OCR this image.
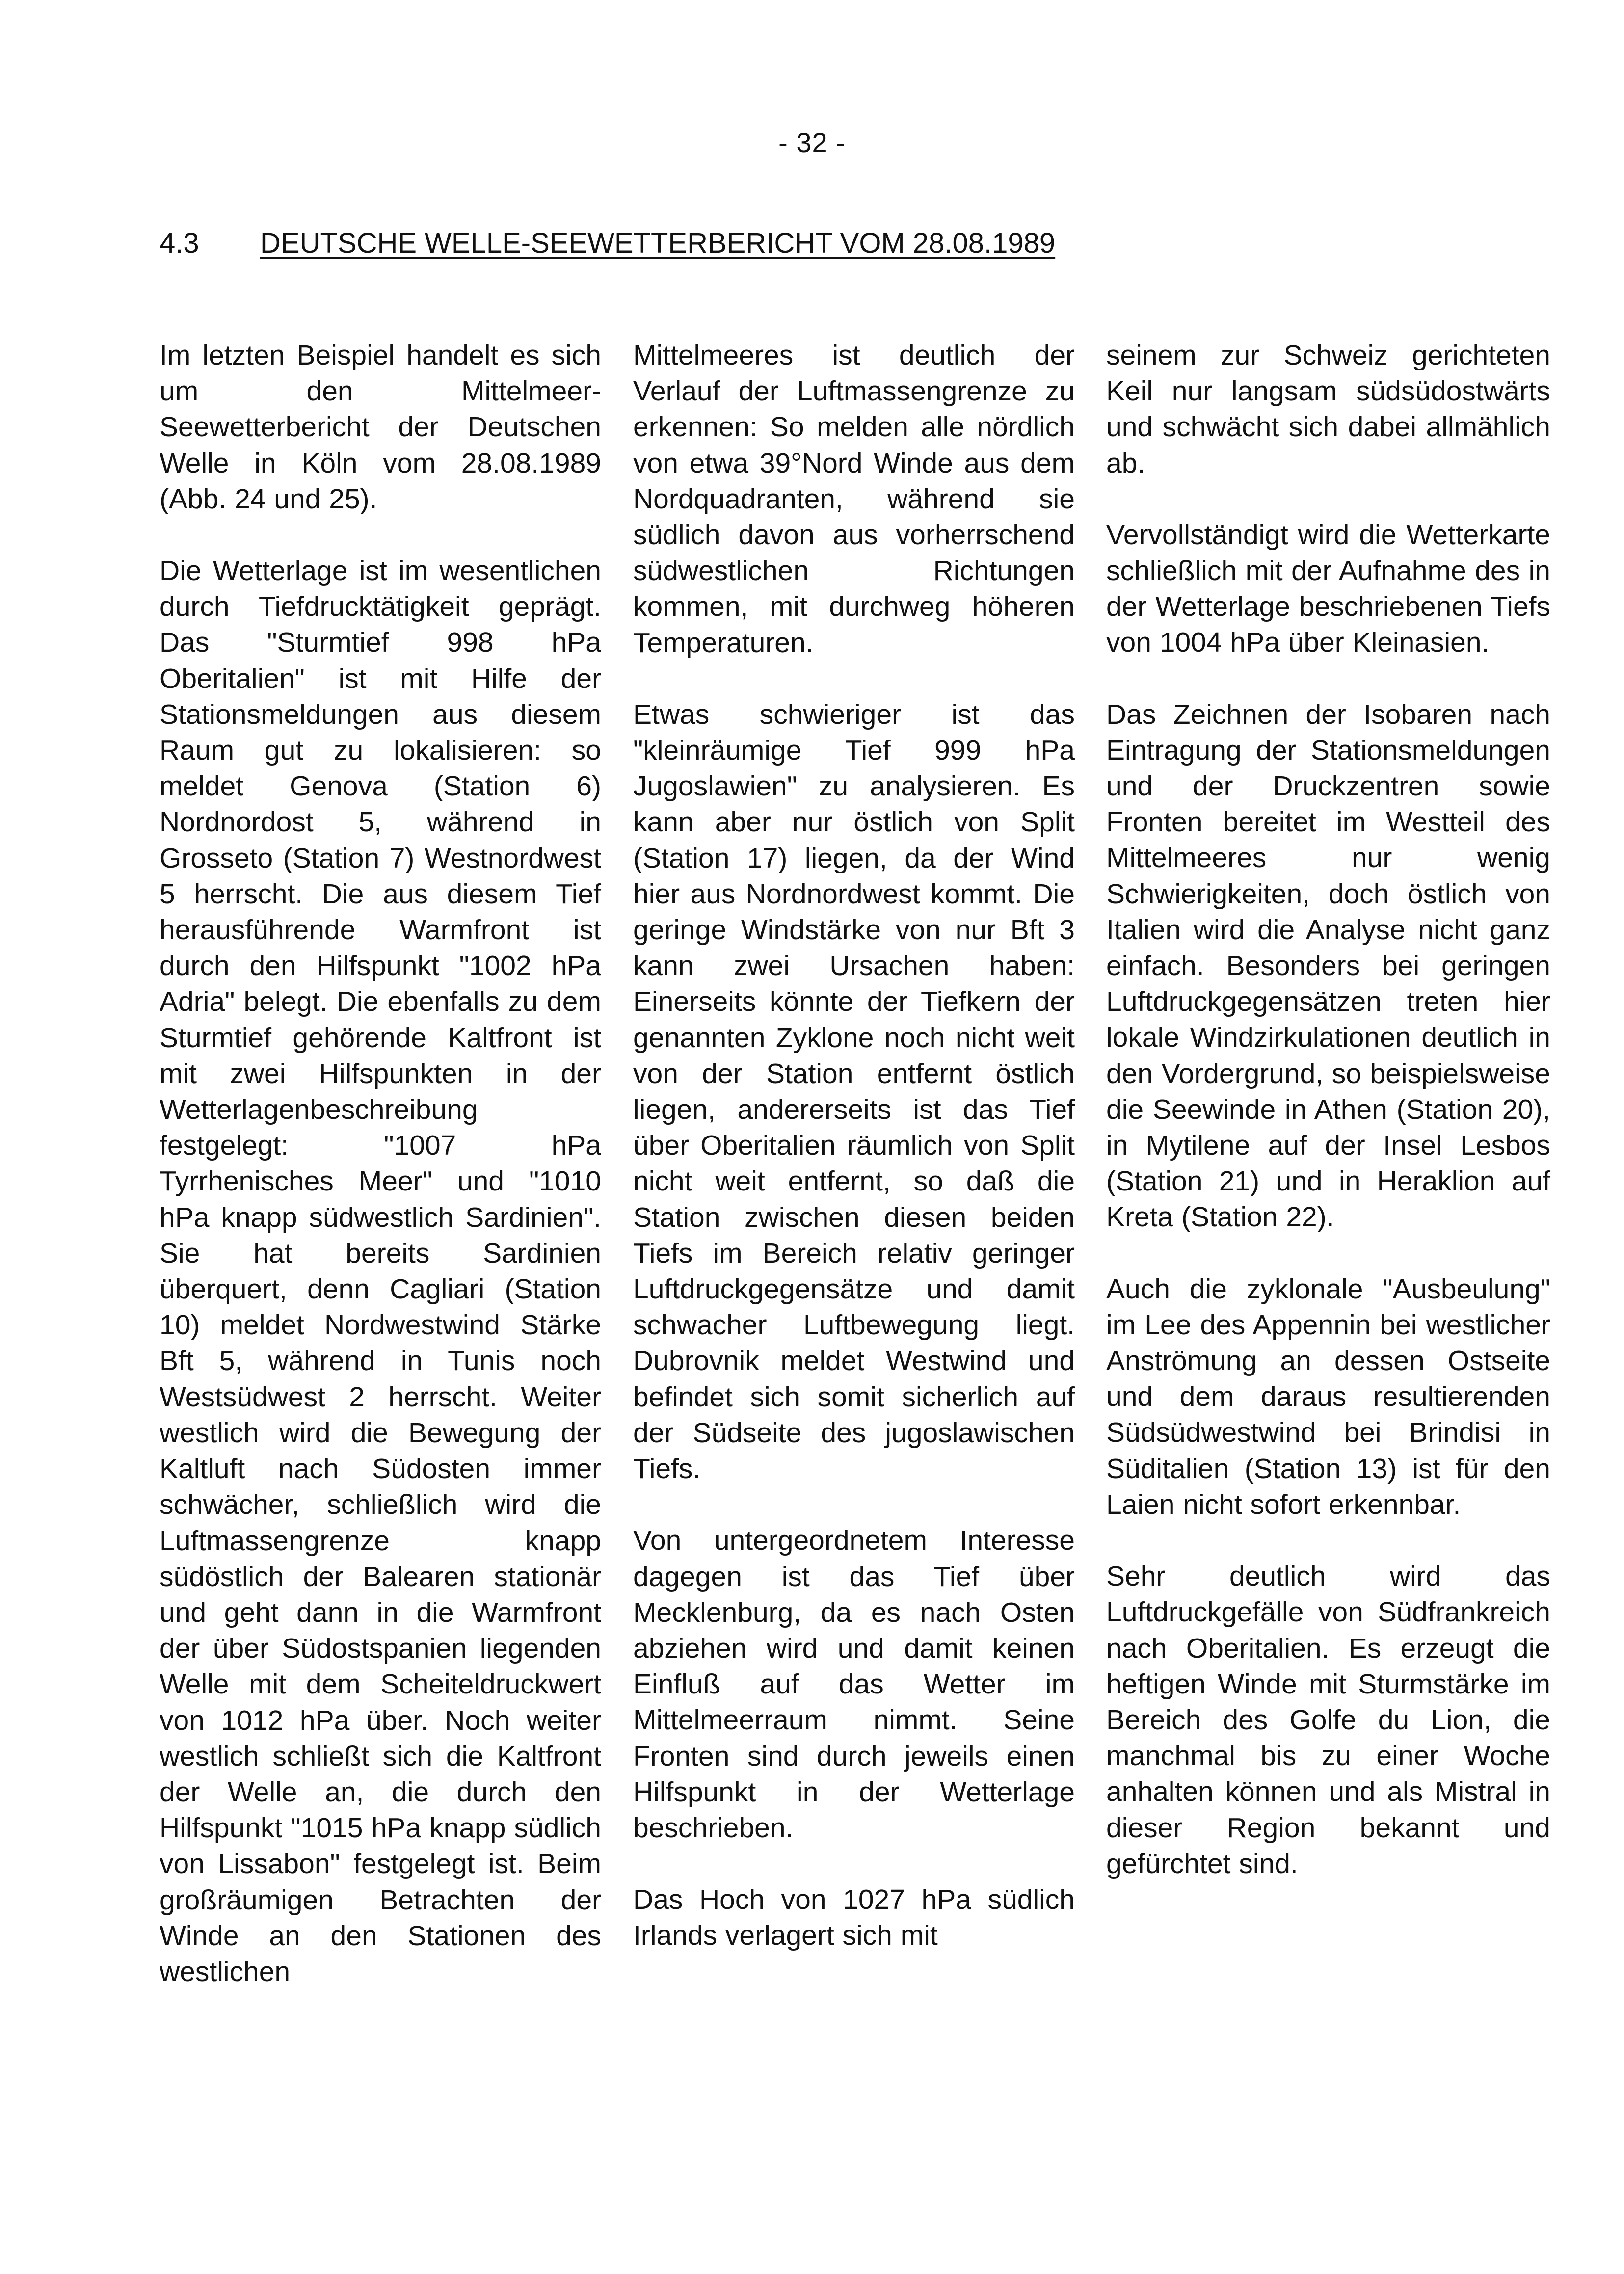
- 32 -
4.3 DEUTSCHE WELLE-SEEWETTERBERICHT VOM 28.08.1989

Im letzten Beispiel handelt es sich um den Mittelmeer-Seewetterbericht der Deutschen Welle in Köln vom 28.08.1989 (Abb. 24 und 25).

Die Wetterlage ist im wesentlichen durch Tiefdrucktätigkeit geprägt. Das "Sturmtief 998 hPa Oberitalien" ist mit Hilfe der Stationsmeldungen aus diesem Raum gut zu lokalisieren: so meldet Genova (Station 6) Nordnordost 5, während in Grosseto (Station 7) Westnordwest 5 herrscht. Die aus diesem Tief herausführende Warmfront ist durch den Hilfspunkt "1002 hPa Adria" belegt. Die ebenfalls zu dem Sturmtief gehörende Kaltfront ist mit zwei Hilfspunkten in der Wetterlagenbeschreibung festgelegt: "1007 hPa Tyrrhenisches Meer" und "1010 hPa knapp südwestlich Sardinien". Sie hat bereits Sardinien überquert, denn Cagliari (Station 10) meldet Nordwestwind Stärke Bft 5, während in Tunis noch Westsüdwest 2 herrscht. Weiter westlich wird die Bewegung der Kaltluft nach Südosten immer schwächer, schließlich wird die Luftmassengrenze knapp südöstlich der Balearen stationär und geht dann in die Warmfront der über Südostspanien liegenden Welle mit dem Scheiteldruckwert von 1012 hPa über. Noch weiter westlich schließt sich die Kaltfront der Welle an, die durch den Hilfspunkt "1015 hPa knapp südlich von Lissabon" festgelegt ist. Beim großräumigen Betrachten der Winde an den Stationen des westlichen

Mittelmeeres ist deutlich der Verlauf der Luftmassengrenze zu erkennen: So melden alle nördlich von etwa 39°Nord Winde aus dem Nordquadranten, während sie südlich davon aus vorherrschend südwestlichen Richtungen kommen, mit durchweg höheren Temperaturen.

Etwas schwieriger ist das "kleinräumige Tief 999 hPa Jugoslawien" zu analysieren. Es kann aber nur östlich von Split (Station 17) liegen, da der Wind hier aus Nordnordwest kommt. Die geringe Windstärke von nur Bft 3 kann zwei Ursachen haben: Einerseits könnte der Tiefkern der genannten Zyklone noch nicht weit von der Station entfernt östlich liegen, andererseits ist das Tief über Oberitalien räumlich von Split nicht weit entfernt, so daß die Station zwischen diesen beiden Tiefs im Bereich relativ geringer Luftdruckgegensätze und damit schwacher Luftbewegung liegt. Dubrovnik meldet Westwind und befindet sich somit sicherlich auf der Südseite des jugoslawischen Tiefs.

Von untergeordnetem Interesse dagegen ist das Tief über Mecklenburg, da es nach Osten abziehen wird und damit keinen Einfluß auf das Wetter im Mittelmeerraum nimmt. Seine Fronten sind durch jeweils einen Hilfspunkt in der Wetterlage beschrieben.

Das Hoch von 1027 hPa südlich Irlands verlagert sich mit

seinem zur Schweiz gerichteten Keil nur langsam südsüdostwärts und schwächt sich dabei allmählich ab.

Vervollständigt wird die Wetterkarte schließlich mit der Aufnahme des in der Wetterlage beschriebenen Tiefs von 1004 hPa über Kleinasien.

Das Zeichnen der Isobaren nach Eintragung der Stationsmeldungen und der Druckzentren sowie Fronten bereitet im Westteil des Mittelmeeres nur wenig Schwierigkeiten, doch östlich von Italien wird die Analyse nicht ganz einfach. Besonders bei geringen Luftdruckgegensätzen treten hier lokale Windzirkulationen deutlich in den Vordergrund, so beispielsweise die Seewinde in Athen (Station 20), in Mytilene auf der Insel Lesbos (Station 21) und in Heraklion auf Kreta (Station 22).

Auch die zyklonale "Ausbeulung" im Lee des Appennin bei westlicher Anströmung an dessen Ostseite und dem daraus resultierenden Südsüdwestwind bei Brindisi in Süditalien (Station 13) ist für den Laien nicht sofort erkennbar.

Sehr deutlich wird das Luftdruckgefälle von Südfrankreich nach Oberitalien. Es erzeugt die heftigen Winde mit Sturmstärke im Bereich des Golfe du Lion, die manchmal bis zu einer Woche anhalten können und als Mistral in dieser Region bekannt und gefürchtet sind.
